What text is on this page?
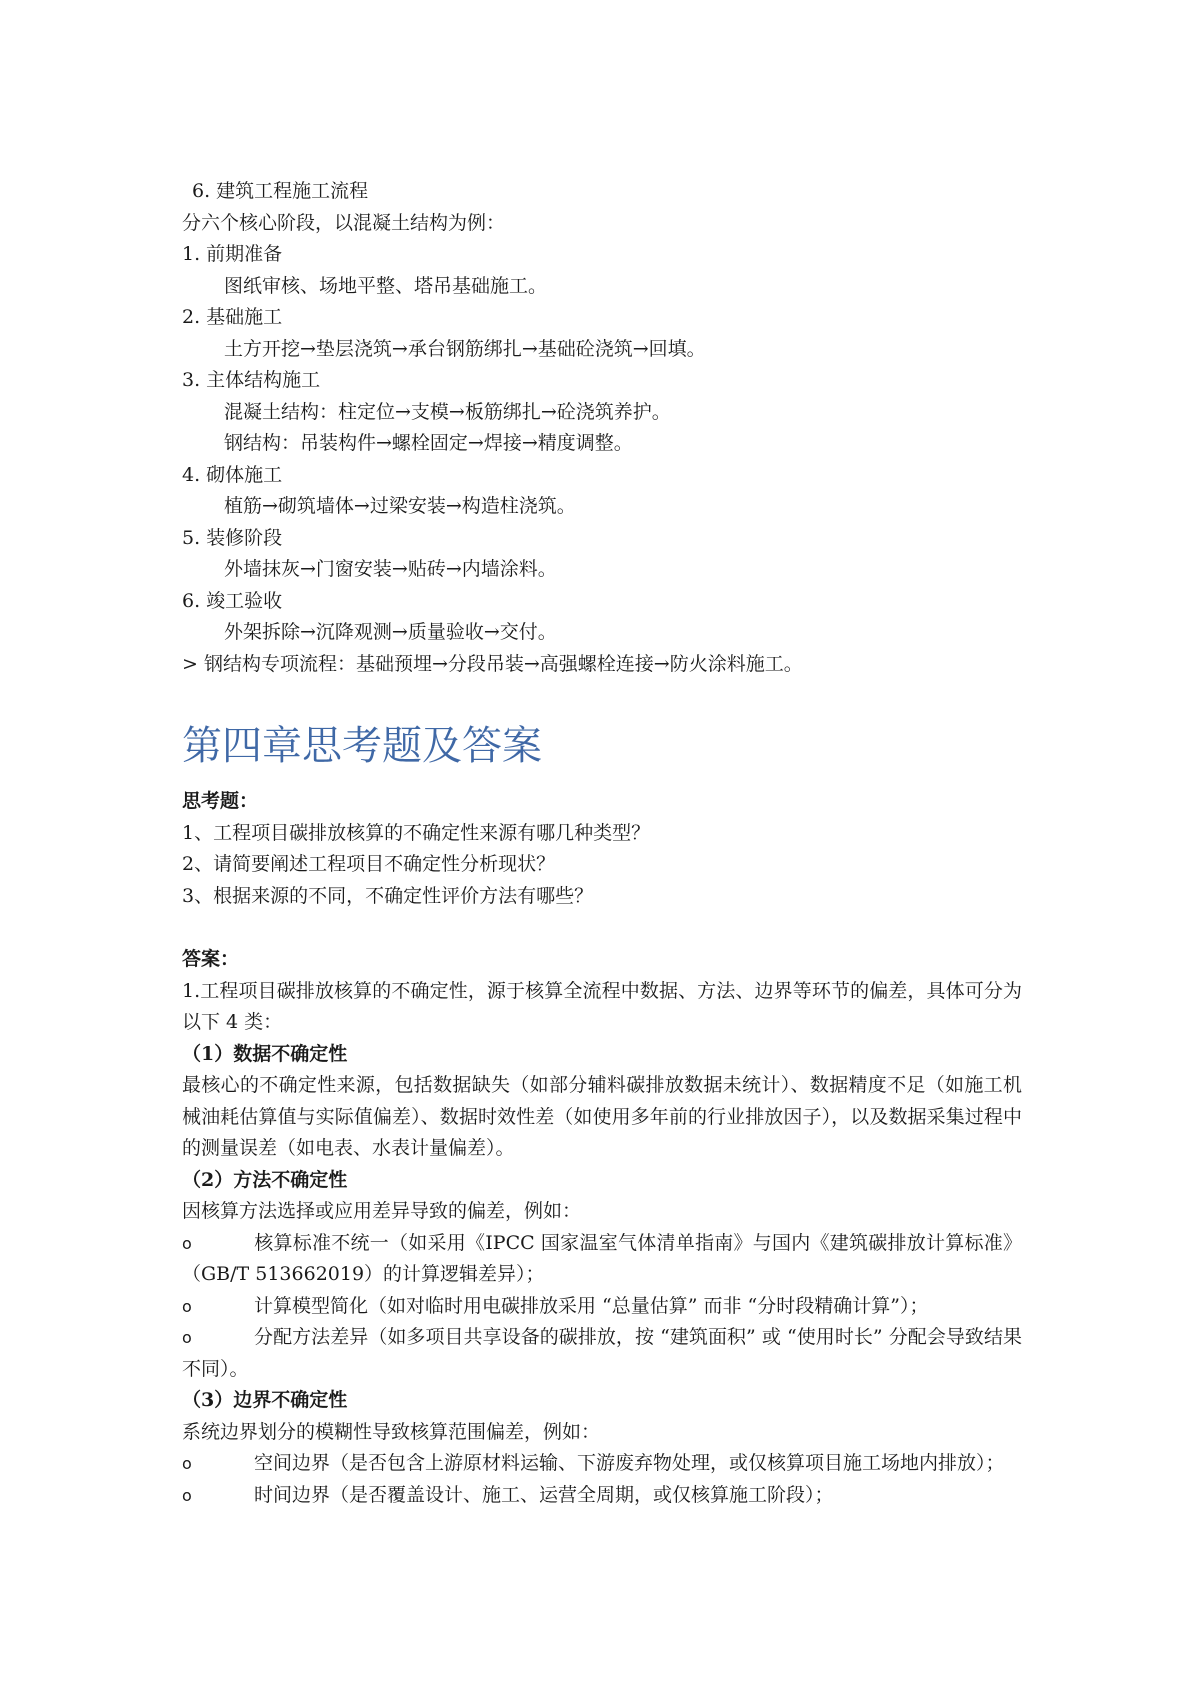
6. 建筑工程施工流程
分六个核心阶段，以混凝土结构为例：
1. 前期准备
图纸审核、场地平整、塔吊基础施工。
2. 基础施工
土方开挖→垫层浇筑→承台钢筋绑扎→基础砼浇筑→回填。
3. 主体结构施工
混凝土结构：柱定位→支模→板筋绑扎→砼浇筑养护。
钢结构：吊装构件→螺栓固定→焊接→精度调整。
4. 砌体施工
植筋→砌筑墙体→过梁安装→构造柱浇筑。
5. 装修阶段
外墙抹灰→门窗安装→贴砖→内墙涂料。
6. 竣工验收
外架拆除→沉降观测→质量验收→交付。
> 钢结构专项流程：基础预埋→分段吊装→高强螺栓连接→防火涂料施工。
第四章思考题及答案
思考题：
1、工程项目碳排放核算的不确定性来源有哪几种类型？
2、请简要阐述工程项目不确定性分析现状？
3、根据来源的不同，不确定性评价方法有哪些？
答案：
1.工程项目碳排放核算的不确定性，源于核算全流程中数据、方法、边界等环节的偏差，具体可分为以下 4 类：
（1）数据不确定性
最核心的不确定性来源，包括数据缺失（如部分辅料碳排放数据未统计）、数据精度不足（如施工机械油耗估算值与实际值偏差）、数据时效性差（如使用多年前的行业排放因子），以及数据采集过程中的测量误差（如电表、水表计量偏差）。
（2）方法不确定性
因核算方法选择或应用差异导致的偏差，例如：
o	核算标准不统一（如采用《IPCC 国家温室气体清单指南》与国内《建筑碳排放计算标准》（GB/T 513662019）的计算逻辑差异）；
o	计算模型简化（如对临时用电碳排放采用 “总量估算” 而非 “分时段精确计算”）；
o	分配方法差异（如多项目共享设备的碳排放，按 “建筑面积” 或 “使用时长” 分配会导致结果不同）。
（3）边界不确定性
系统边界划分的模糊性导致核算范围偏差，例如：
o	空间边界（是否包含上游原材料运输、下游废弃物处理，或仅核算项目施工场地内排放）；
o	时间边界（是否覆盖设计、施工、运营全周期，或仅核算施工阶段）；
